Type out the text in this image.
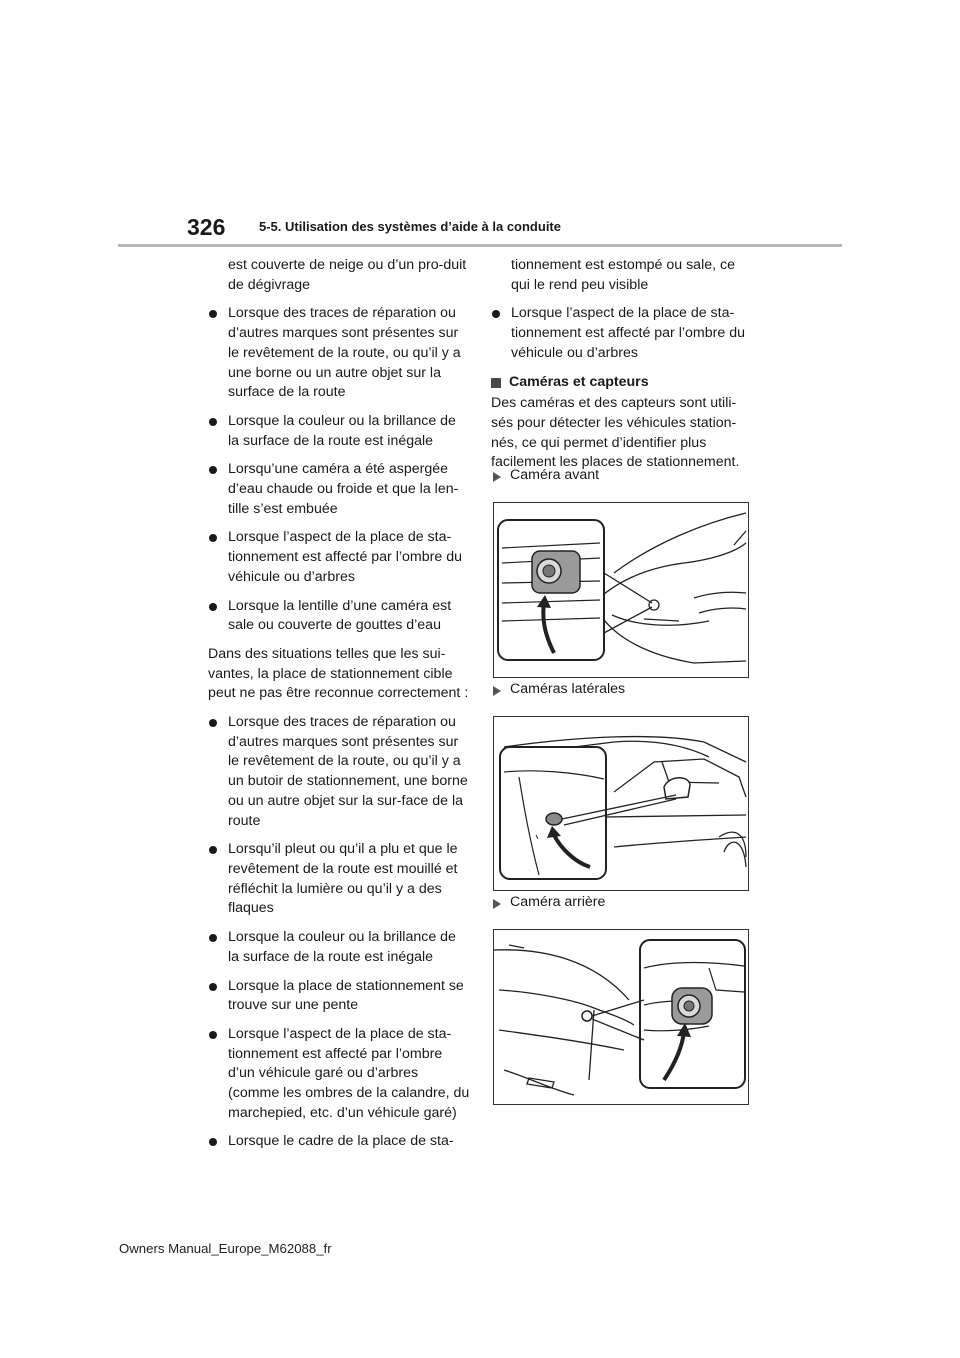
326	5-5. Utilisation des systèmes d’aide à la conduite
est couverte de neige ou d’un pro-duit de dégivrage
Lorsque des traces de réparation ou d’autres marques sont présentes sur le revêtement de la route, ou qu’il y a une borne ou un autre objet sur la surface de la route
Lorsque la couleur ou la brillance de la surface de la route est inégale
Lorsqu’une caméra a été aspergée d’eau chaude ou froide et que la len-tille s’est embuée
Lorsque l’aspect de la place de sta-tionnement est affecté par l’ombre du véhicule ou d’arbres
Lorsque la lentille d’une caméra est sale ou couverte de gouttes d’eau
Dans des situations telles que les sui-vantes, la place de stationnement cible peut ne pas être reconnue correctement :
Lorsque des traces de réparation ou d’autres marques sont présentes sur le revêtement de la route, ou qu’il y a un butoir de stationnement, une borne ou un autre objet sur la sur-face de la route
Lorsqu’il pleut ou qu’il a plu et que le revêtement de la route est mouillé et réfléchit la lumière ou qu’il y a des flaques
Lorsque la couleur ou la brillance de la surface de la route est inégale
Lorsque la place de stationnement se trouve sur une pente
Lorsque l’aspect de la place de sta-tionnement est affecté par l’ombre d’un véhicule garé ou d’arbres (comme les ombres de la calandre, du marchepied, etc. d’un véhicule garé)
Lorsque le cadre de la place de sta-
tionnement est estompé ou sale, ce qui le rend peu visible
Lorsque l’aspect de la place de sta-tionnement est affecté par l’ombre du véhicule ou d’arbres
Caméras et capteurs
Des caméras et des capteurs sont utili-sés pour détecter les véhicules station-nés, ce qui permet d’identifier plus facilement les places de stationnement.
Caméra avant
Caméras latérales
Caméra arrière
Owners Manual_Europe_M62088_fr
